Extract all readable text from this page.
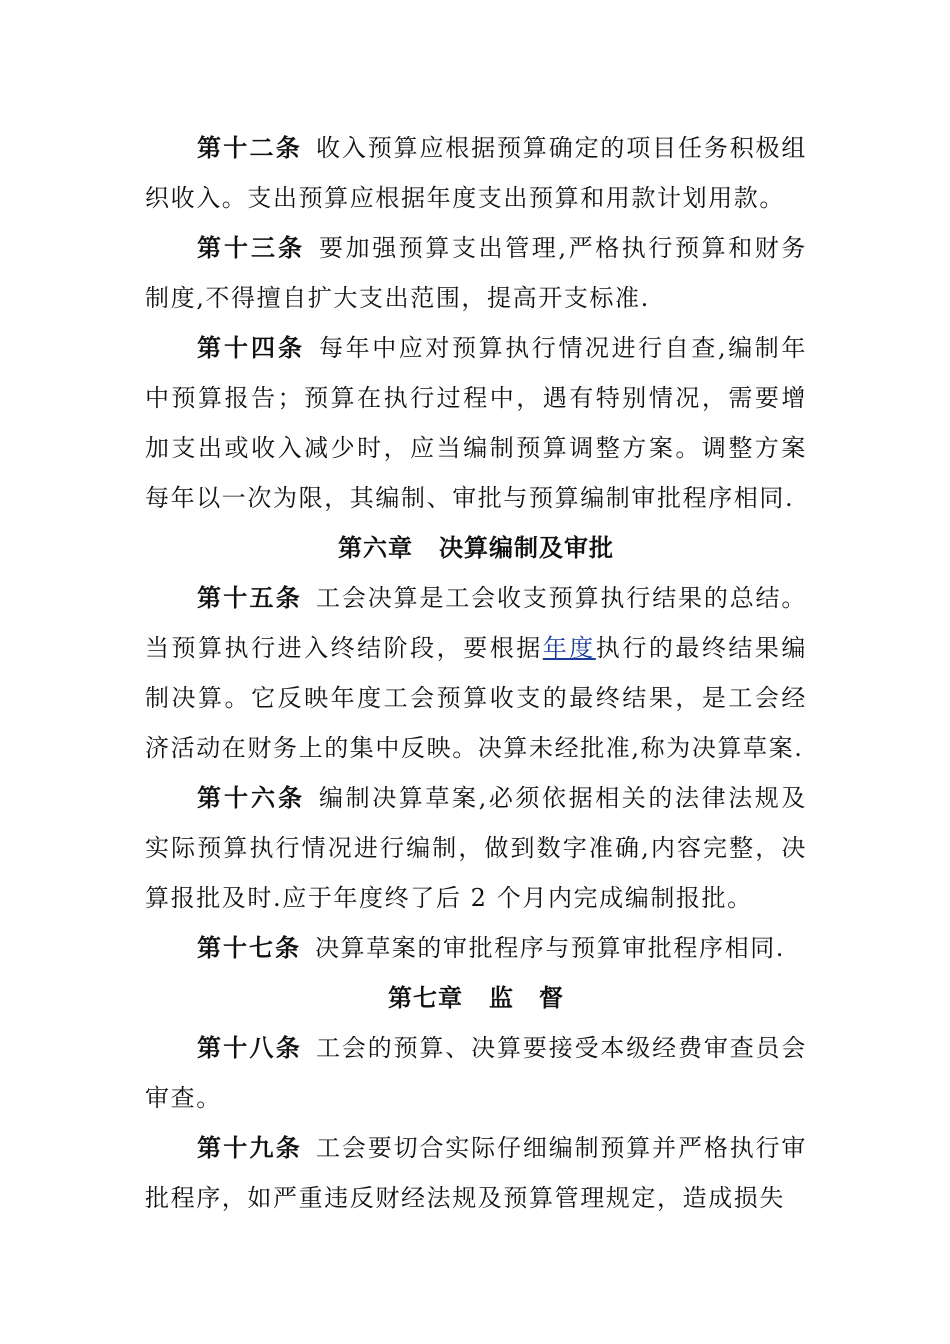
第十二条 收入预算应根据预算确定的项目任务积极组织收入。支出预算应根据年度支出预算和用款计划用款。

第十三条 要加强预算支出管理,严格执行预算和财务制度,不得擅自扩大支出范围，提高开支标准.

第十四条 每年中应对预算执行情况进行自查,编制年中预算报告；预算在执行过程中，遇有特别情况，需要增加支出或收入减少时，应当编制预算调整方案。调整方案每年以一次为限，其编制、审批与预算编制审批程序相同.

第六章 决算编制及审批

第十五条 工会决算是工会收支预算执行结果的总结。当预算执行进入终结阶段，要根据年度执行的最终结果编制决算。它反映年度工会预算收支的最终结果，是工会经济活动在财务上的集中反映。决算未经批准,称为决算草案.

第十六条 编制决算草案,必须依据相关的法律法规及实际预算执行情况进行编制，做到数字准确,内容完整，决算报批及时.应于年度终了后 2 个月内完成编制报批。

第十七条 决算草案的审批程序与预算审批程序相同.

第七章 监　督

第十八条 工会的预算、决算要接受本级经费审查员会审查。

第十九条 工会要切合实际仔细编制预算并严格执行审批程序，如严重违反财经法规及预算管理规定，造成损失
